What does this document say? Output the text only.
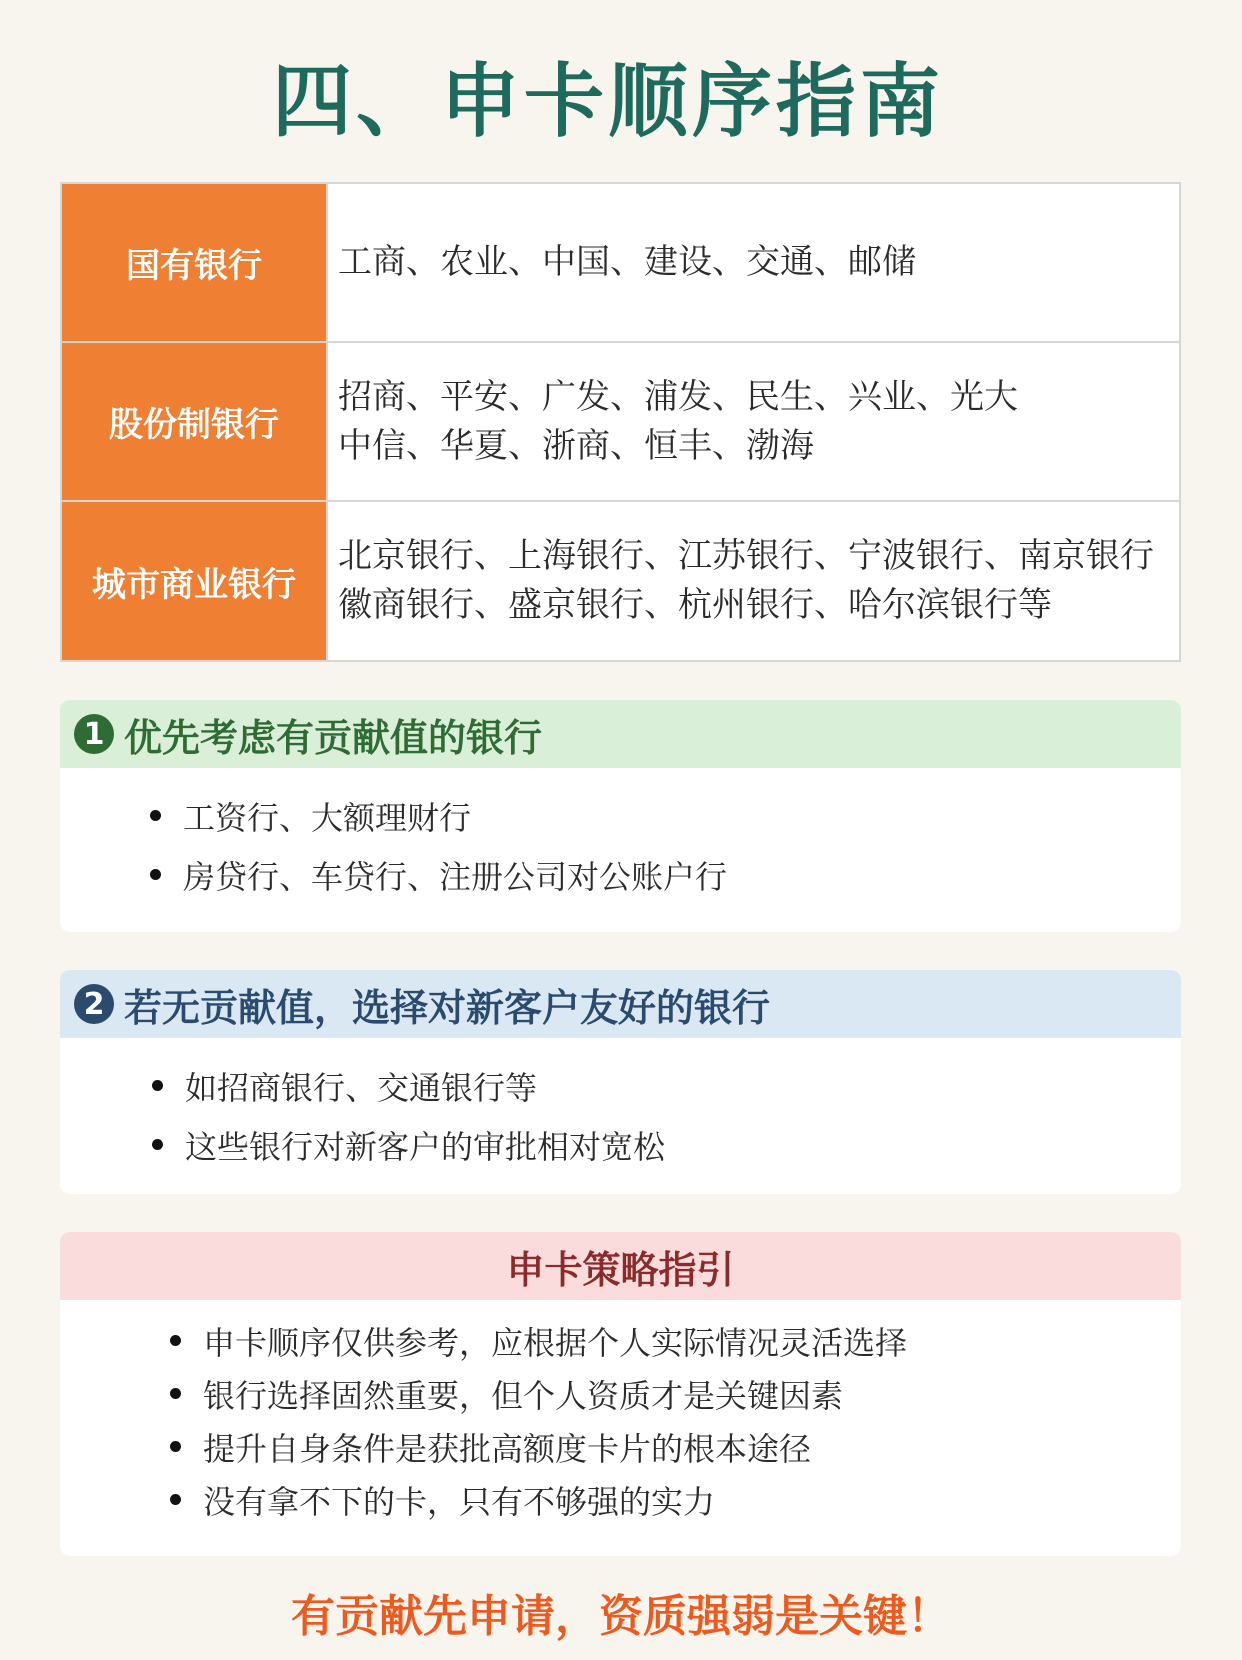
四、申卡顺序指南
国有银行	工商、农业、中国、建设、交通、邮储
股份制银行
招商、平安、广发、浦发、民生、兴业、光大
中信、华夏、浙商、恒丰、渤海
城市商业银行
北京银行、上海银行、江苏银行、宁波银行、南京银行
徽商银行、盛京银行、杭州银行、哈尔滨银行等
1 优先考虑有贡献值的银行
工资行、大额理财行
房贷行、车贷行、注册公司对公账户行
2 若无贡献值，选择对新客户友好的银行
如招商银行、交通银行等
这些银行对新客户的审批相对宽松
申卡策略指引
申卡顺序仅供参考，应根据个人实际情况灵活选择
银行选择固然重要，但个人资质才是关键因素
提升自身条件是获批高额度卡片的根本途径
没有拿不下的卡，只有不够强的实力
有贡献先申请，资质强弱是关键！
